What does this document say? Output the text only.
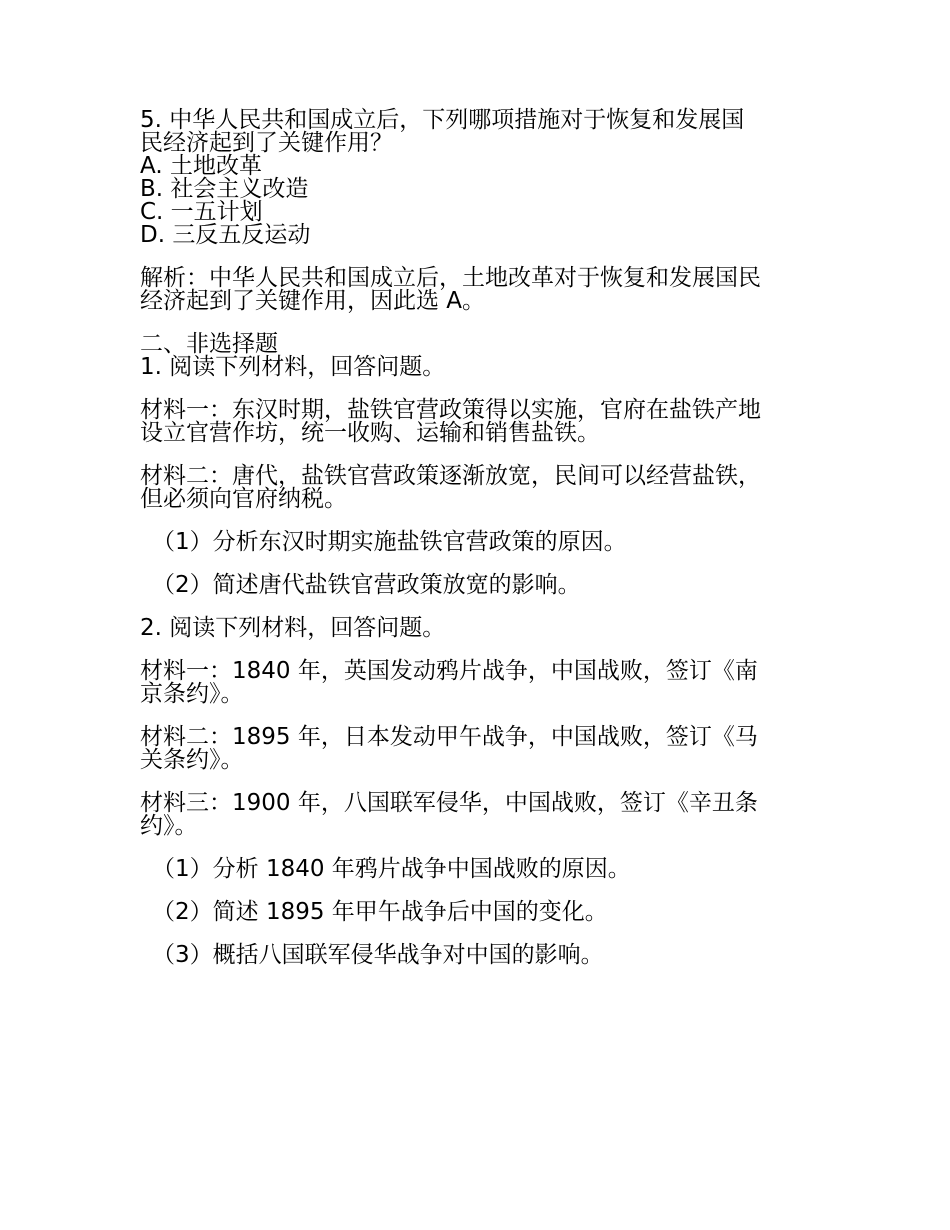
5. 中华人民共和国成立后，下列哪项措施对于恢复和发展国
民经济起到了关键作用？
A. 土地改革
B. 社会主义改造
C. 一五计划
D. 三反五反运动
解析：中华人民共和国成立后，土地改革对于恢复和发展国民
经济起到了关键作用，因此选 A。
二、非选择题
1. 阅读下列材料，回答问题。
材料一：东汉时期，盐铁官营政策得以实施，官府在盐铁产地
设立官营作坊，统一收购、运输和销售盐铁。
材料二：唐代，盐铁官营政策逐渐放宽，民间可以经营盐铁，
但必须向官府纳税。
（1）分析东汉时期实施盐铁官营政策的原因。
（2）简述唐代盐铁官营政策放宽的影响。
2. 阅读下列材料，回答问题。
材料一：1840 年，英国发动鸦片战争，中国战败，签订《南
京条约》。
材料二：1895 年，日本发动甲午战争，中国战败，签订《马
关条约》。
材料三：1900 年，八国联军侵华，中国战败，签订《辛丑条
约》。
（1）分析 1840 年鸦片战争中国战败的原因。
（2）简述 1895 年甲午战争后中国的变化。
（3）概括八国联军侵华战争对中国的影响。
